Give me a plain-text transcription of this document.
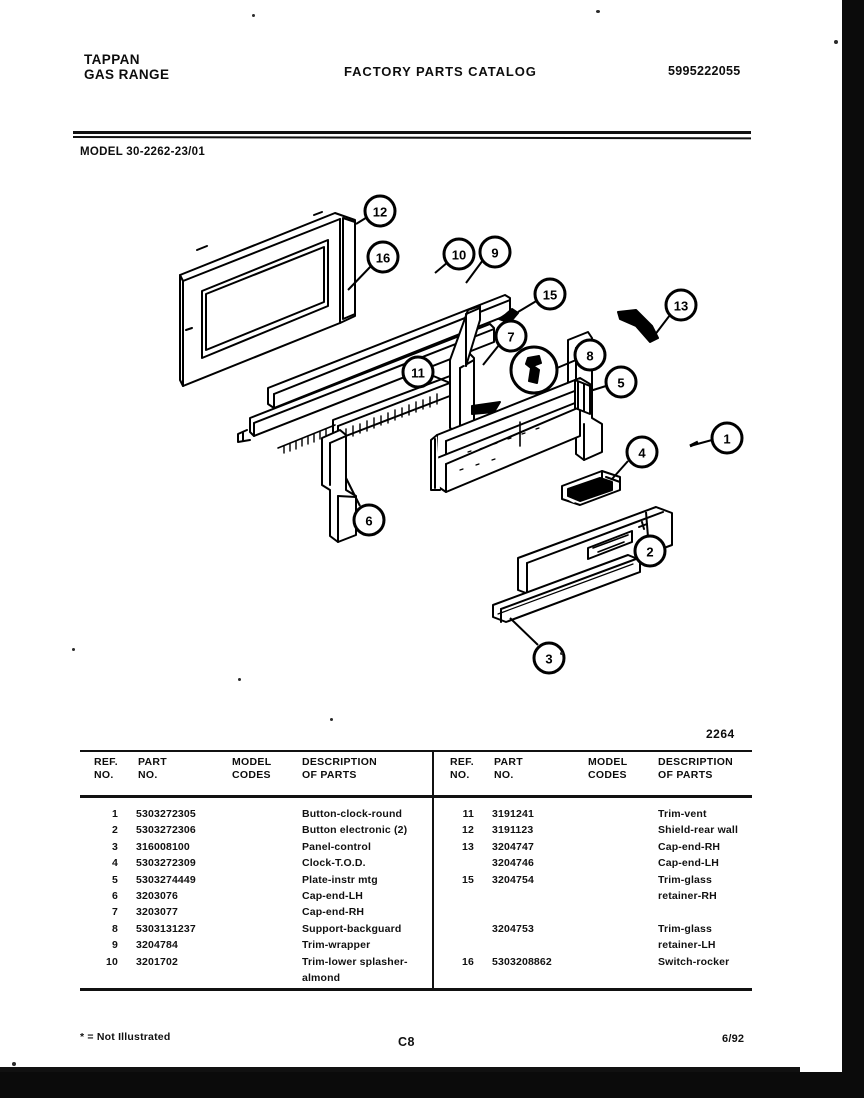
TAPPAN
GAS RANGE	FACTORY PARTS CATALOG	5995222055
MODEL 30-2262-23/01
12
16	10 9
15
13
7
8
11
5
4
1
2
6
3
2264
REF.
NO.
PART
NO.
MODEL
CODES
DESCRIPTION
OF PARTS
1 5303272305	Button-clock-round
2 5303272306	Button electronic (2)
3 316008100	Panel-control
4 5303272309	Clock-T.O.D.
5 5303274449	Plate-instr mtg
6 3203076	Cap-end-LH
7 3203077	Cap-end-RH
8 5303131237	Support-backguard
9 3204784	Trim-wrapper
10 3201702	Trim-lower splasher-
almond
REF.
NO.
PART
NO.
MODEL
CODES
DESCRIPTION
OF PARTS
11 3191241	Trim-vent
12 3191123	Shield-rear wall
13 3204747	Cap-end-RH
3204746	Cap-end-LH
15 3204754	Trim-glass
retainer-RH
3204753	Trim-glass
retainer-LH
16 5303208862	Switch-rocker
* = Not Illustrated	C8	6/92
